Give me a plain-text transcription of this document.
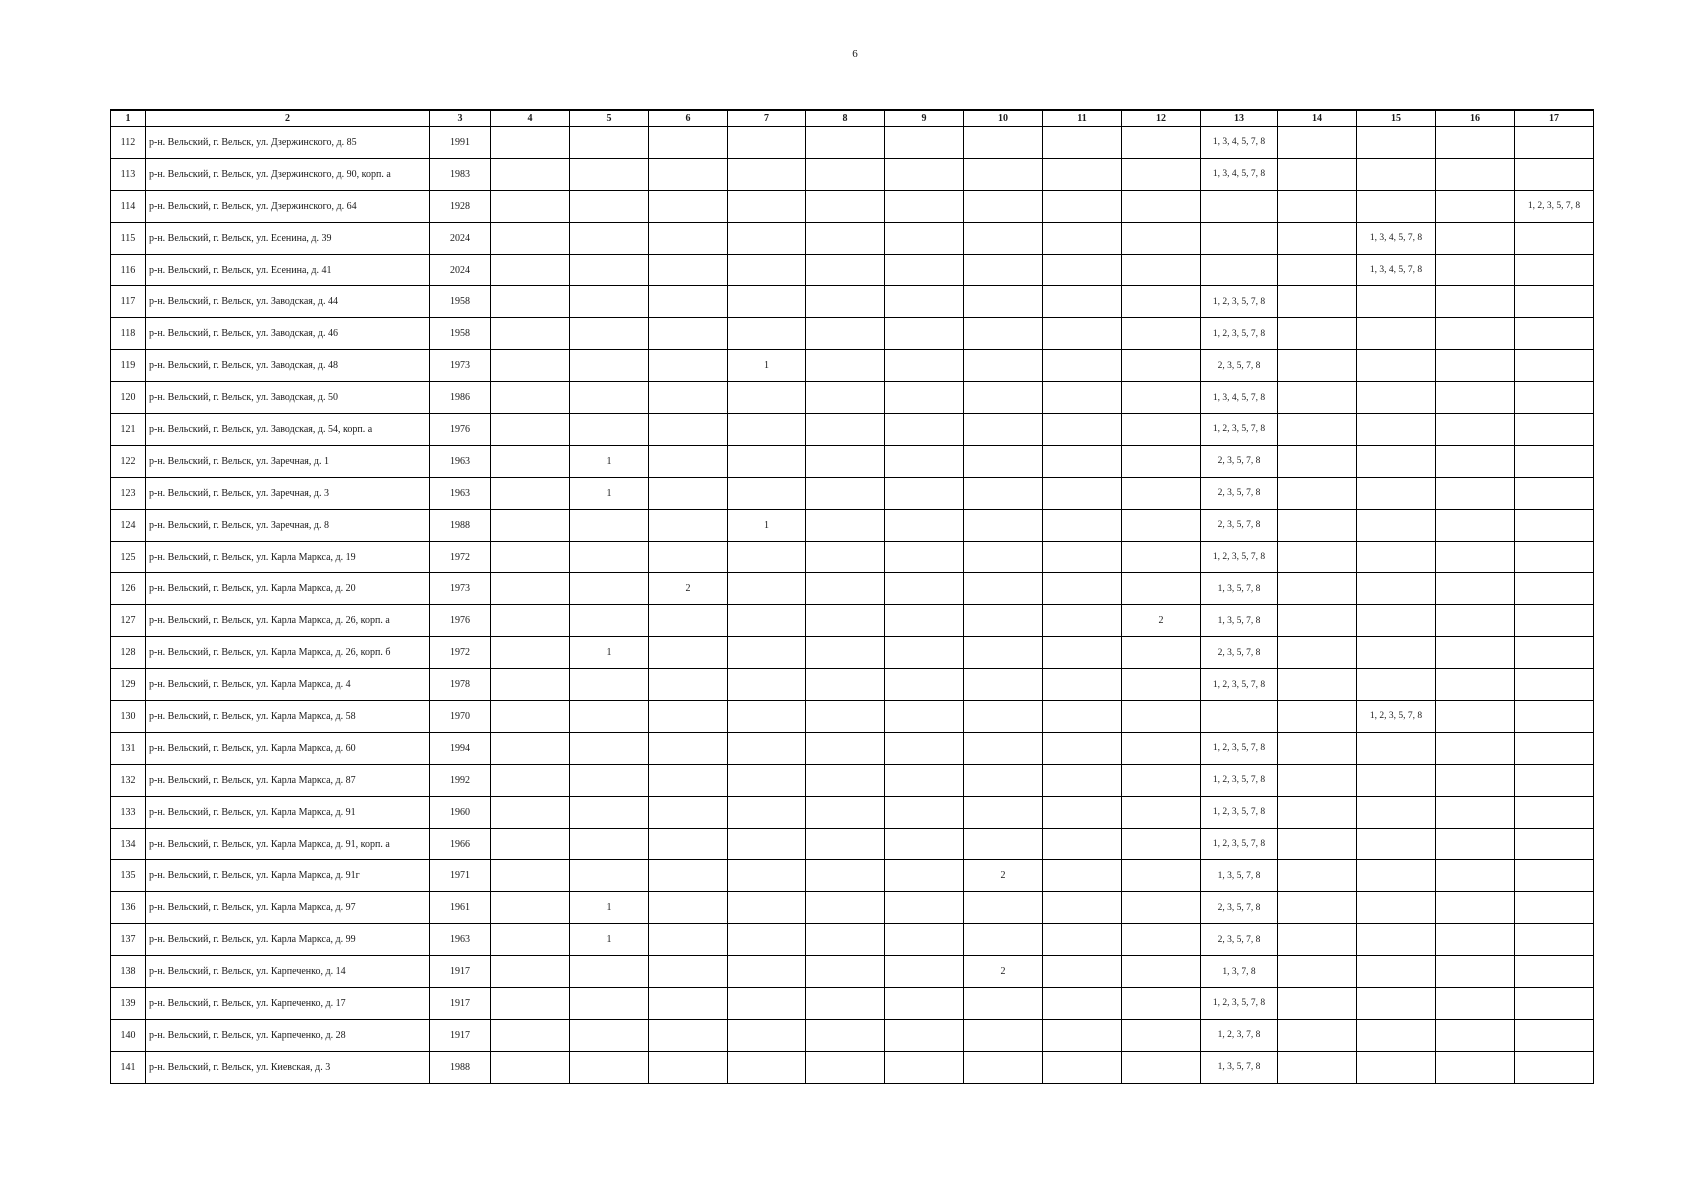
6
1	2	3	4	5	6	7	8	9	10	11	12	13	14	15	16	17
112	р-н. Вельский, г. Вельск, ул. Дзержинского, д. 85	1991										1, 3, 4, 5, 7, 8				
113	р-н. Вельский, г. Вельск, ул. Дзержинского, д. 90, корп. а	1983										1, 3, 4, 5, 7, 8				
114	р-н. Вельский, г. Вельск, ул. Дзержинского, д. 64	1928														1, 2, 3, 5, 7, 8
115	р-н. Вельский, г. Вельск, ул. Есенина, д. 39	2024												1, 3, 4, 5, 7, 8		
116	р-н. Вельский, г. Вельск, ул. Есенина, д. 41	2024												1, 3, 4, 5, 7, 8		
117	р-н. Вельский, г. Вельск, ул. Заводская, д. 44	1958										1, 2, 3, 5, 7, 8				
118	р-н. Вельский, г. Вельск, ул. Заводская, д. 46	1958										1, 2, 3, 5, 7, 8				
119	р-н. Вельский, г. Вельск, ул. Заводская, д. 48	1973				1						2, 3, 5, 7, 8				
120	р-н. Вельский, г. Вельск, ул. Заводская, д. 50	1986										1, 3, 4, 5, 7, 8				
121	р-н. Вельский, г. Вельск, ул. Заводская, д. 54, корп. а	1976										1, 2, 3, 5, 7, 8				
122	р-н. Вельский, г. Вельск, ул. Заречная, д. 1	1963		1								2, 3, 5, 7, 8				
123	р-н. Вельский, г. Вельск, ул. Заречная, д. 3	1963		1								2, 3, 5, 7, 8				
124	р-н. Вельский, г. Вельск, ул. Заречная, д. 8	1988				1						2, 3, 5, 7, 8				
125	р-н. Вельский, г. Вельск, ул. Карла Маркса, д. 19	1972										1, 2, 3, 5, 7, 8				
126	р-н. Вельский, г. Вельск, ул. Карла Маркса, д. 20	1973			2							1, 3, 5, 7, 8				
127	р-н. Вельский, г. Вельск, ул. Карла Маркса, д. 26, корп. а	1976									2	1, 3, 5, 7, 8				
128	р-н. Вельский, г. Вельск, ул. Карла Маркса, д. 26, корп. б	1972		1								2, 3, 5, 7, 8				
129	р-н. Вельский, г. Вельск, ул. Карла Маркса, д. 4	1978										1, 2, 3, 5, 7, 8				
130	р-н. Вельский, г. Вельск, ул. Карла Маркса, д. 58	1970												1, 2, 3, 5, 7, 8		
131	р-н. Вельский, г. Вельск, ул. Карла Маркса, д. 60	1994										1, 2, 3, 5, 7, 8				
132	р-н. Вельский, г. Вельск, ул. Карла Маркса, д. 87	1992										1, 2, 3, 5, 7, 8				
133	р-н. Вельский, г. Вельск, ул. Карла Маркса, д. 91	1960										1, 2, 3, 5, 7, 8				
134	р-н. Вельский, г. Вельск, ул. Карла Маркса, д. 91, корп. а	1966										1, 2, 3, 5, 7, 8				
135	р-н. Вельский, г. Вельск, ул. Карла Маркса, д. 91г	1971							2			1, 3, 5, 7, 8				
136	р-н. Вельский, г. Вельск, ул. Карла Маркса, д. 97	1961		1								2, 3, 5, 7, 8				
137	р-н. Вельский, г. Вельск, ул. Карла Маркса, д. 99	1963		1								2, 3, 5, 7, 8				
138	р-н. Вельский, г. Вельск, ул. Карпеченко, д. 14	1917							2			1, 3, 7, 8				
139	р-н. Вельский, г. Вельск, ул. Карпеченко, д. 17	1917										1, 2, 3, 5, 7, 8				
140	р-н. Вельский, г. Вельск, ул. Карпеченко, д. 28	1917										1, 2, 3, 7, 8				
141	р-н. Вельский, г. Вельск, ул. Киевская, д. 3	1988										1, 3, 5, 7, 8				
